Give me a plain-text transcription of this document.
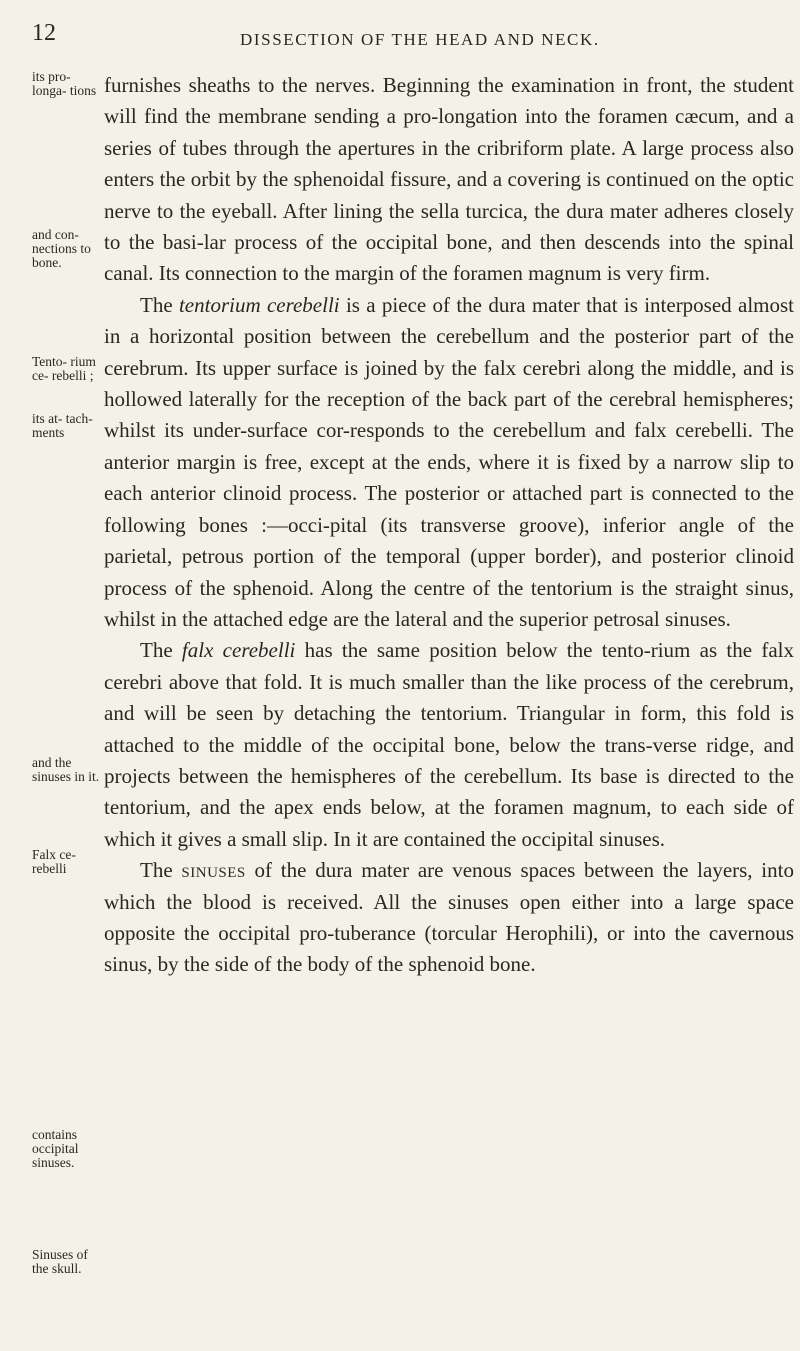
12	DISSECTION OF THE HEAD AND NECK.
its pro- longa- tions
and con- nections to bone.
Tento- rium ce- rebelli ;
its at- tach- ments
and the sinuses in it.
Falx ce- rebelli
contains occipital sinuses.
Sinuses of the skull.

furnishes sheaths to the nerves. Beginning the examination in front, the student will find the membrane sending a pro-longation into the foramen cæcum, and a series of tubes through the apertures in the cribriform plate. A large process also enters the orbit by the sphenoidal fissure, and a covering is continued on the optic nerve to the eyeball. After lining the sella turcica, the dura mater adheres closely to the basi-lar process of the occipital bone, and then descends into the spinal canal. Its connection to the margin of the foramen magnum is very firm.

The tentorium cerebelli is a piece of the dura mater that is interposed almost in a horizontal position between the cerebellum and the posterior part of the cerebrum. Its upper surface is joined by the falx cerebri along the middle, and is hollowed laterally for the reception of the back part of the cerebral hemispheres; whilst its under-surface cor-responds to the cerebellum and falx cerebelli. The anterior margin is free, except at the ends, where it is fixed by a narrow slip to each anterior clinoid process. The posterior or attached part is connected to the following bones :—occi-pital (its transverse groove), inferior angle of the parietal, petrous portion of the temporal (upper border), and posterior clinoid process of the sphenoid. Along the centre of the tentorium is the straight sinus, whilst in the attached edge are the lateral and the superior petrosal sinuses.

The falx cerebelli has the same position below the tento-rium as the falx cerebri above that fold. It is much smaller than the like process of the cerebrum, and will be seen by detaching the tentorium. Triangular in form, this fold is attached to the middle of the occipital bone, below the trans-verse ridge, and projects between the hemispheres of the cerebellum. Its base is directed to the tentorium, and the apex ends below, at the foramen magnum, to each side of which it gives a small slip. In it are contained the occipital sinuses.

The sinuses of the dura mater are venous spaces between the layers, into which the blood is received. All the sinuses open either into a large space opposite the occipital pro-tuberance (torcular Herophili), or into the cavernous sinus, by the side of the body of the sphenoid bone.
